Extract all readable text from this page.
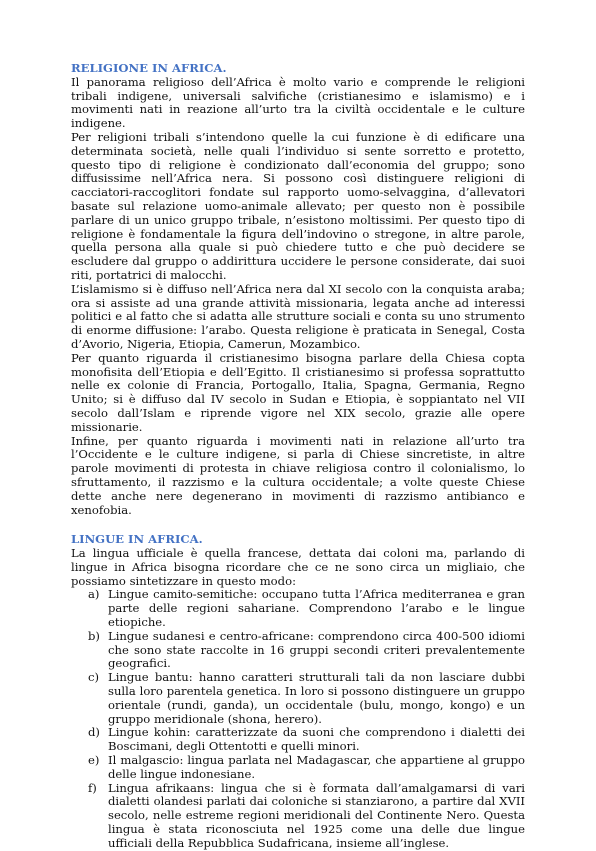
RELIGIONE IN AFRICA.

Il panorama religioso dell’Africa è molto vario e comprende le religioni tribali indigene, universali salvifiche (cristianesimo e islamismo) e i movimenti nati in reazione all’urto tra la civiltà occidentale e le culture indigene.

Per religioni tribali s’intendono quelle la cui funzione è di edificare una determinata società, nelle quali l’individuo si sente sorretto e protetto, questo tipo di religione è condizionato dall’economia del gruppo; sono diffusissime nell’Africa nera. Si possono così distinguere religioni di cacciatori-raccoglitori fondate sul rapporto uomo-selvaggina, d’allevatori basate sul relazione uomo-animale allevato; per questo non è possibile parlare di un unico gruppo tribale, n’esistono moltissimi. Per questo tipo di religione è fondamentale la figura dell’indovino o stregone, in altre parole, quella persona alla quale si può chiedere tutto e che può decidere se escludere dal gruppo o addirittura uccidere le persone considerate, dai suoi riti, portatrici di malocchi.

L’islamismo si è diffuso nell’Africa nera dal XI secolo con la conquista araba; ora si assiste ad una grande attività missionaria, legata anche ad interessi politici e al fatto che si adatta alle strutture sociali e conta su uno strumento di enorme diffusione: l’arabo. Questa religione è praticata in Senegal, Costa d’Avorio, Nigeria, Etiopia, Camerun, Mozambico.

Per quanto riguarda il cristianesimo bisogna parlare della Chiesa copta monofisita dell’Etiopia e dell’Egitto. Il cristianesimo si professa soprattutto nelle ex colonie di Francia, Portogallo, Italia, Spagna, Germania, Regno Unito; si è diffuso dal IV secolo in Sudan e Etiopia, è soppiantato nel VII secolo dall’Islam e riprende vigore nel XIX secolo, grazie alle opere missionarie.

Infine, per quanto riguarda i movimenti nati in relazione all’urto tra l’Occidente e le culture indigene, si parla di Chiese sincretiste, in altre parole movimenti di protesta in chiave religiosa contro il colonialismo, lo sfruttamento, il razzismo e la cultura occidentale; a volte queste Chiese dette anche nere degenerano in movimenti di razzismo antibianco e xenofobia.

LINGUE IN AFRICA.

La lingua ufficiale è quella francese, dettata dai coloni ma, parlando di lingue in Africa bisogna ricordare che ce ne sono circa un migliaio, che possiamo sintetizzare in questo modo:

a) Lingue camito-semitiche: occupano tutta l’Africa mediterranea e gran parte delle regioni sahariane. Comprendono l’arabo e le lingue etiopiche.
b) Lingue sudanesi e centro-africane: comprendono circa 400-500 idiomi che sono state raccolte in 16 gruppi secondi criteri prevalentemente geografici.
c) Lingue bantu: hanno caratteri strutturali tali da non lasciare dubbi sulla loro parentela genetica. In loro si possono distinguere un gruppo orientale (rundi, ganda), un occidentale (bulu, mongo, kongo) e un gruppo meridionale (shona, herero).
d) Lingue kohin: caratterizzate da suoni che comprendono i dialetti dei Boscimani, degli Ottentotti e quelli minori.
e) Il malgascio: lingua parlata nel Madagascar, che appartiene al gruppo delle lingue indonesiane.
f) Lingua afrikaans: lingua che si è formata dall’amalgamarsi di vari dialetti olandesi parlati dai coloniche si stanziarono, a partire dal XVII secolo, nelle estreme regioni meridionali del Continente Nero. Questa lingua è stata riconosciuta nel 1925 come una delle due lingue ufficiali della Repubblica Sudafricana, insieme all’inglese.
